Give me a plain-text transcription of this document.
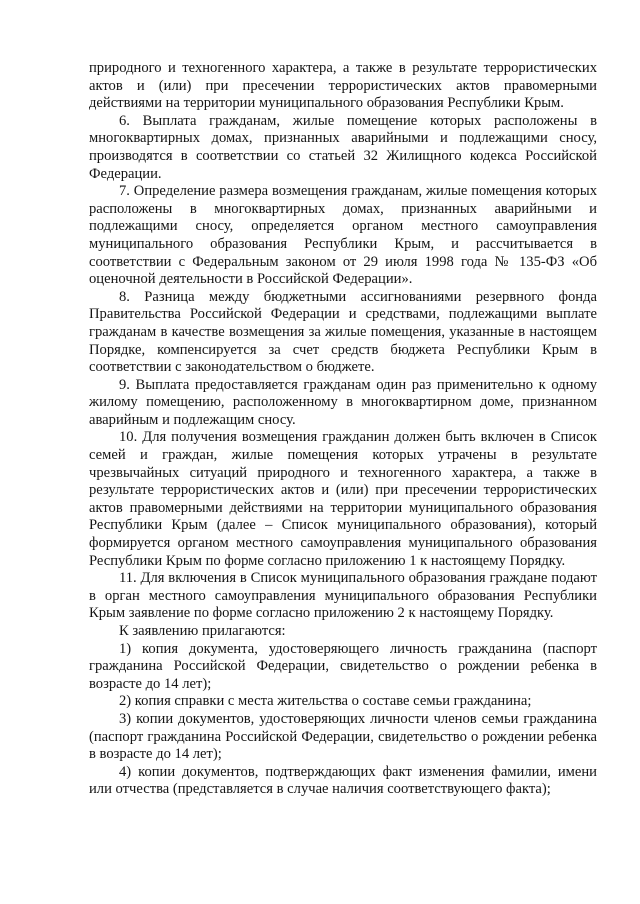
природного и техногенного характера, а также в результате террористических актов и (или) при пресечении террористических актов правомерными действиями на территории муниципального образования Республики Крым.

6. Выплата гражданам, жилые помещение которых расположены в многоквартирных домах, признанных аварийными и подлежащими сносу, производятся в соответствии со статьей 32 Жилищного кодекса Российской Федерации.

7. Определение размера возмещения гражданам, жилые помещения которых расположены в многоквартирных домах, признанных аварийными и подлежащими сносу, определяется органом местного самоуправления муниципального образования Республики Крым, и рассчитывается в соответствии с Федеральным законом от 29 июля 1998 года № 135-ФЗ «Об оценочной деятельности в Российской Федерации».

8. Разница между бюджетными ассигнованиями резервного фонда Правительства Российской Федерации и средствами, подлежащими выплате гражданам в качестве возмещения за жилые помещения, указанные в настоящем Порядке, компенсируется за счет средств бюджета Республики Крым в соответствии с законодательством о бюджете.

9. Выплата предоставляется гражданам один раз применительно к одному жилому помещению, расположенному в многоквартирном доме, признанном аварийным и подлежащим сносу.

10. Для получения возмещения гражданин должен быть включен в Список семей и граждан, жилые помещения которых утрачены в результате чрезвычайных ситуаций природного и техногенного характера, а также в результате террористических актов и (или) при пресечении террористических актов правомерными действиями на территории муниципального образования Республики Крым (далее – Список муниципального образования), который формируется органом местного самоуправления муниципального образования Республики Крым по форме согласно приложению 1 к настоящему Порядку.

11. Для включения в Список муниципального образования граждане подают в орган местного самоуправления муниципального образования Республики Крым заявление по форме согласно приложению 2 к настоящему Порядку.

К заявлению прилагаются:

1) копия документа, удостоверяющего личность гражданина (паспорт гражданина Российской Федерации, свидетельство о рождении ребенка в возрасте до 14 лет);

2) копия справки с места жительства о составе семьи гражданина;

3) копии документов, удостоверяющих личности членов семьи гражданина (паспорт гражданина Российской Федерации, свидетельство о рождении ребенка в возрасте до 14 лет);

4) копии документов, подтверждающих факт изменения фамилии, имени или отчества (представляется в случае наличия соответствующего факта);
